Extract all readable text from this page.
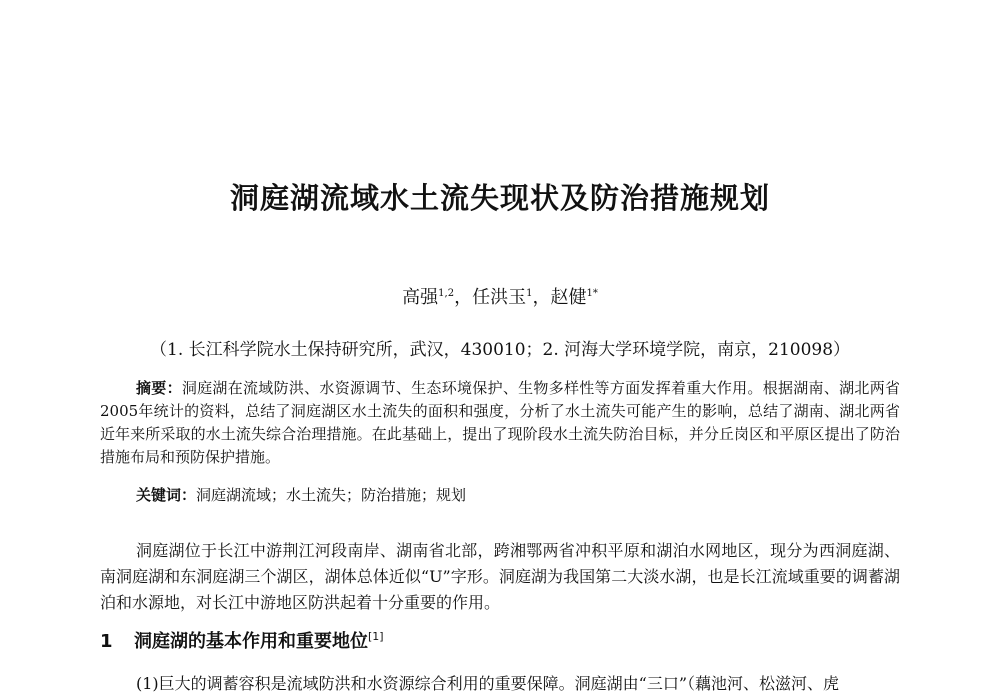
洞庭湖流域水土流失现状及防治措施规划
高强$^{1,2}$，任洪玉$^1$，赵健$^{1*}$
（1. 长江科学院水土保持研究所，武汉，430010；2. 河海大学环境学院，南京，210098）

摘要：洞庭湖在流域防洪、水资源调节、生态环境保护、生物多样性等方面发挥着重大作用。根据湖南、湖北两省2005年统计的资料，总结了洞庭湖区水土流失的面积和强度，分析了水土流失可能产生的影响，总结了湖南、湖北两省近年来所采取的水土流失综合治理措施。在此基础上，提出了现阶段水土流失防治目标，并分丘岗区和平原区提出了防治措施布局和预防保护措施。

关键词：洞庭湖流域；水土流失；防治措施；规划

洞庭湖位于长江中游荆江河段南岸、湖南省北部，跨湘鄂两省冲积平原和湖泊水网地区，现分为西洞庭湖、南洞庭湖和东洞庭湖三个湖区，湖体总体近似“U”字形。洞庭湖为我国第二大淡水湖，也是长江流域重要的调蓄湖泊和水源地，对长江中游地区防洪起着十分重要的作用。

1 洞庭湖的基本作用和重要地位[1]

(1)巨大的调蓄容积是流域防洪和水资源综合利用的重要保障。洞庭湖由“三口”（藕池河、松滋河、虎
